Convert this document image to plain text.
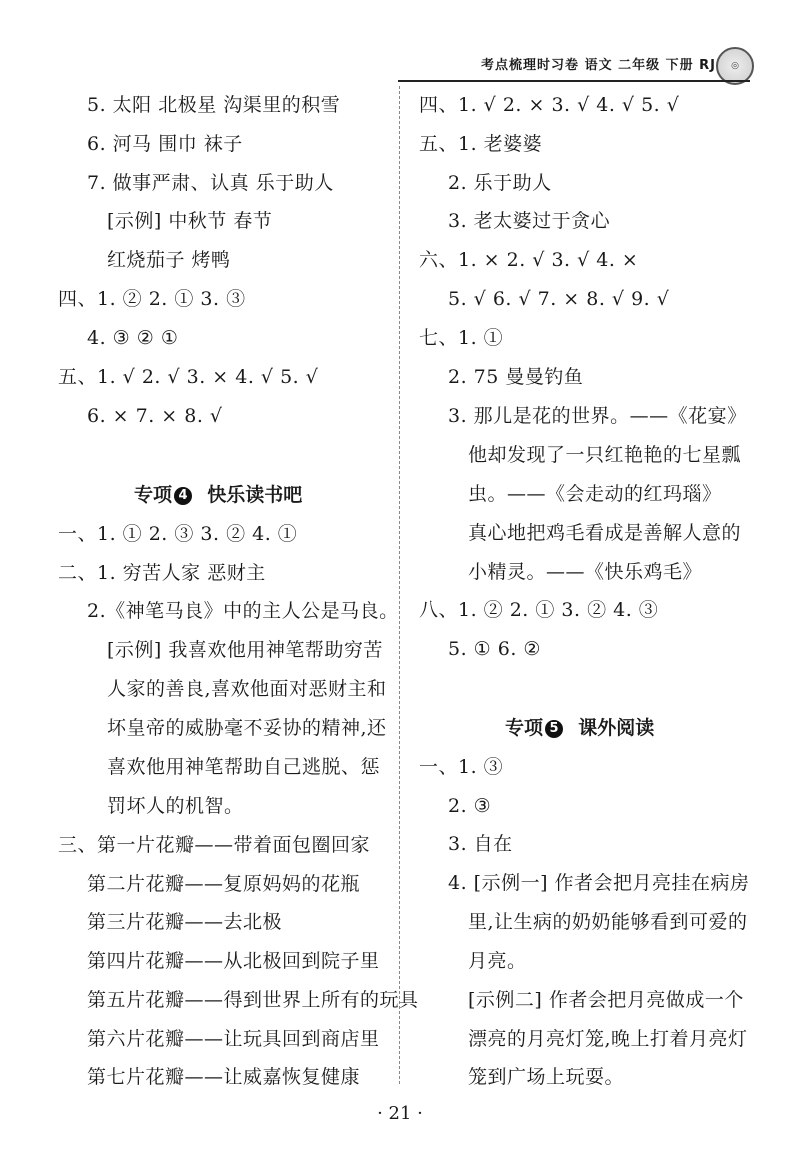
考点梳理时习卷 语文 二年级 下册 RJ	◎
5. 太阳 北极星 沟渠里的积雪
6. 河马 围巾 袜子
7. 做事严肃、认真 乐于助人
[示例] 中秋节 春节
红烧茄子 烤鸭
四、1. ② 2. ① 3. ③
4. ③ ② ①
五、1. √ 2. √ 3. × 4. √ 5. √
6. × 7. × 8. √
专项 4 快乐读书吧
一、1. ① 2. ③ 3. ② 4. ①
二、1. 穷苦人家 恶财主
2.《神笔马良》中的主人公是马良。
[示例] 我喜欢他用神笔帮助穷苦
人家的善良,喜欢他面对恶财主和
坏皇帝的威胁毫不妥协的精神,还
喜欢他用神笔帮助自己逃脱、惩
罚坏人的机智。
三、第一片花瓣——带着面包圈回家
第二片花瓣——复原妈妈的花瓶
第三片花瓣——去北极
第四片花瓣——从北极回到院子里
第五片花瓣——得到世界上所有的玩具
第六片花瓣——让玩具回到商店里
第七片花瓣——让威嘉恢复健康
四、1. √ 2. × 3. √ 4. √ 5. √
五、1. 老婆婆
2. 乐于助人
3. 老太婆过于贪心
六、1. × 2. √ 3. √ 4. ×
5. √ 6. √ 7. × 8. √ 9. √
七、1. ①
2. 75 曼曼钓鱼
3. 那儿是花的世界。——《花宴》
他却发现了一只红艳艳的七星瓢
虫。——《会走动的红玛瑙》
真心地把鸡毛看成是善解人意的
小精灵。——《快乐鸡毛》
八、1. ② 2. ① 3. ② 4. ③
5. ① 6. ②
专项 5 课外阅读
一、1. ③
2. ③
3. 自在
4. [示例一] 作者会把月亮挂在病房
里,让生病的奶奶能够看到可爱的
月亮。
[示例二] 作者会把月亮做成一个
漂亮的月亮灯笼,晚上打着月亮灯
笼到广场上玩耍。
· 21 ·
